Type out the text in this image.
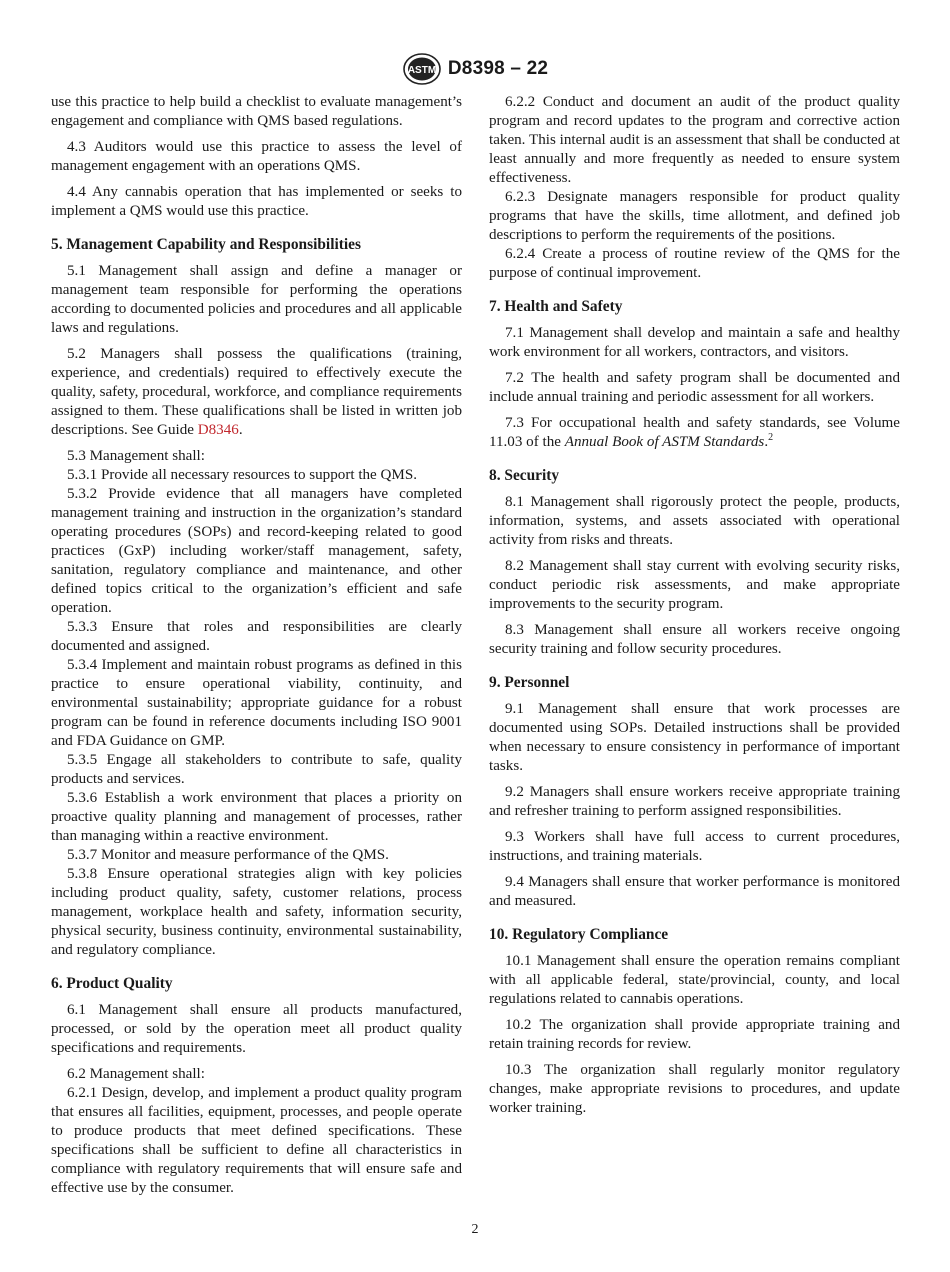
ASTM D8398 – 22

use this practice to help build a checklist to evaluate management’s engagement and compliance with QMS based regulations.

4.3 Auditors would use this practice to assess the level of management engagement with an operations QMS.

4.4 Any cannabis operation that has implemented or seeks to implement a QMS would use this practice.

5. Management Capability and Responsibilities

5.1 Management shall assign and define a manager or management team responsible for performing the operations according to documented policies and procedures and all applicable laws and regulations.

5.2 Managers shall possess the qualifications (training, experience, and credentials) required to effectively execute the quality, safety, procedural, workforce, and compliance requirements assigned to them. These qualifications shall be listed in written job descriptions. See Guide D8346.

5.3 Management shall:

5.3.1 Provide all necessary resources to support the QMS.

5.3.2 Provide evidence that all managers have completed management training and instruction in the organization’s standard operating procedures (SOPs) and record-keeping related to good practices (GxP) including worker/staff management, safety, sanitation, regulatory compliance and maintenance, and other defined topics critical to the organization’s efficient and safe operation.

5.3.3 Ensure that roles and responsibilities are clearly documented and assigned.

5.3.4 Implement and maintain robust programs as defined in this practice to ensure operational viability, continuity, and environmental sustainability; appropriate guidance for a robust program can be found in reference documents including ISO 9001 and FDA Guidance on GMP.

5.3.5 Engage all stakeholders to contribute to safe, quality products and services.

5.3.6 Establish a work environment that places a priority on proactive quality planning and management of processes, rather than managing within a reactive environment.

5.3.7 Monitor and measure performance of the QMS.

5.3.8 Ensure operational strategies align with key policies including product quality, safety, customer relations, process management, workplace health and safety, information security, physical security, business continuity, environmental sustainability, and regulatory compliance.

6. Product Quality

6.1 Management shall ensure all products manufactured, processed, or sold by the operation meet all product quality specifications and requirements.

6.2 Management shall:

6.2.1 Design, develop, and implement a product quality program that ensures all facilities, equipment, processes, and people operate to produce products that meet defined specifications. These specifications shall be sufficient to define all characteristics in compliance with regulatory requirements that will ensure safe and effective use by the consumer.

6.2.2 Conduct and document an audit of the product quality program and record updates to the program and corrective action taken. This internal audit is an assessment that shall be conducted at least annually and more frequently as needed to ensure system effectiveness.

6.2.3 Designate managers responsible for product quality programs that have the skills, time allotment, and defined job descriptions to perform the requirements of the positions.

6.2.4 Create a process of routine review of the QMS for the purpose of continual improvement.

7. Health and Safety

7.1 Management shall develop and maintain a safe and healthy work environment for all workers, contractors, and visitors.

7.2 The health and safety program shall be documented and include annual training and periodic assessment for all workers.

7.3 For occupational health and safety standards, see Volume 11.03 of the Annual Book of ASTM Standards.$^2$

8. Security

8.1 Management shall rigorously protect the people, products, information, systems, and assets associated with operational activity from risks and threats.

8.2 Management shall stay current with evolving security risks, conduct periodic risk assessments, and make appropriate improvements to the security program.

8.3 Management shall ensure all workers receive ongoing security training and follow security procedures.

9. Personnel

9.1 Management shall ensure that work processes are documented using SOPs. Detailed instructions shall be provided when necessary to ensure consistency in performance of important tasks.

9.2 Managers shall ensure workers receive appropriate training and refresher training to perform assigned responsibilities.

9.3 Workers shall have full access to current procedures, instructions, and training materials.

9.4 Managers shall ensure that worker performance is monitored and measured.

10. Regulatory Compliance

10.1 Management shall ensure the operation remains compliant with all applicable federal, state/provincial, county, and local regulations related to cannabis operations.

10.2 The organization shall provide appropriate training and retain training records for review.

10.3 The organization shall regularly monitor regulatory changes, make appropriate revisions to procedures, and update worker training.

2
